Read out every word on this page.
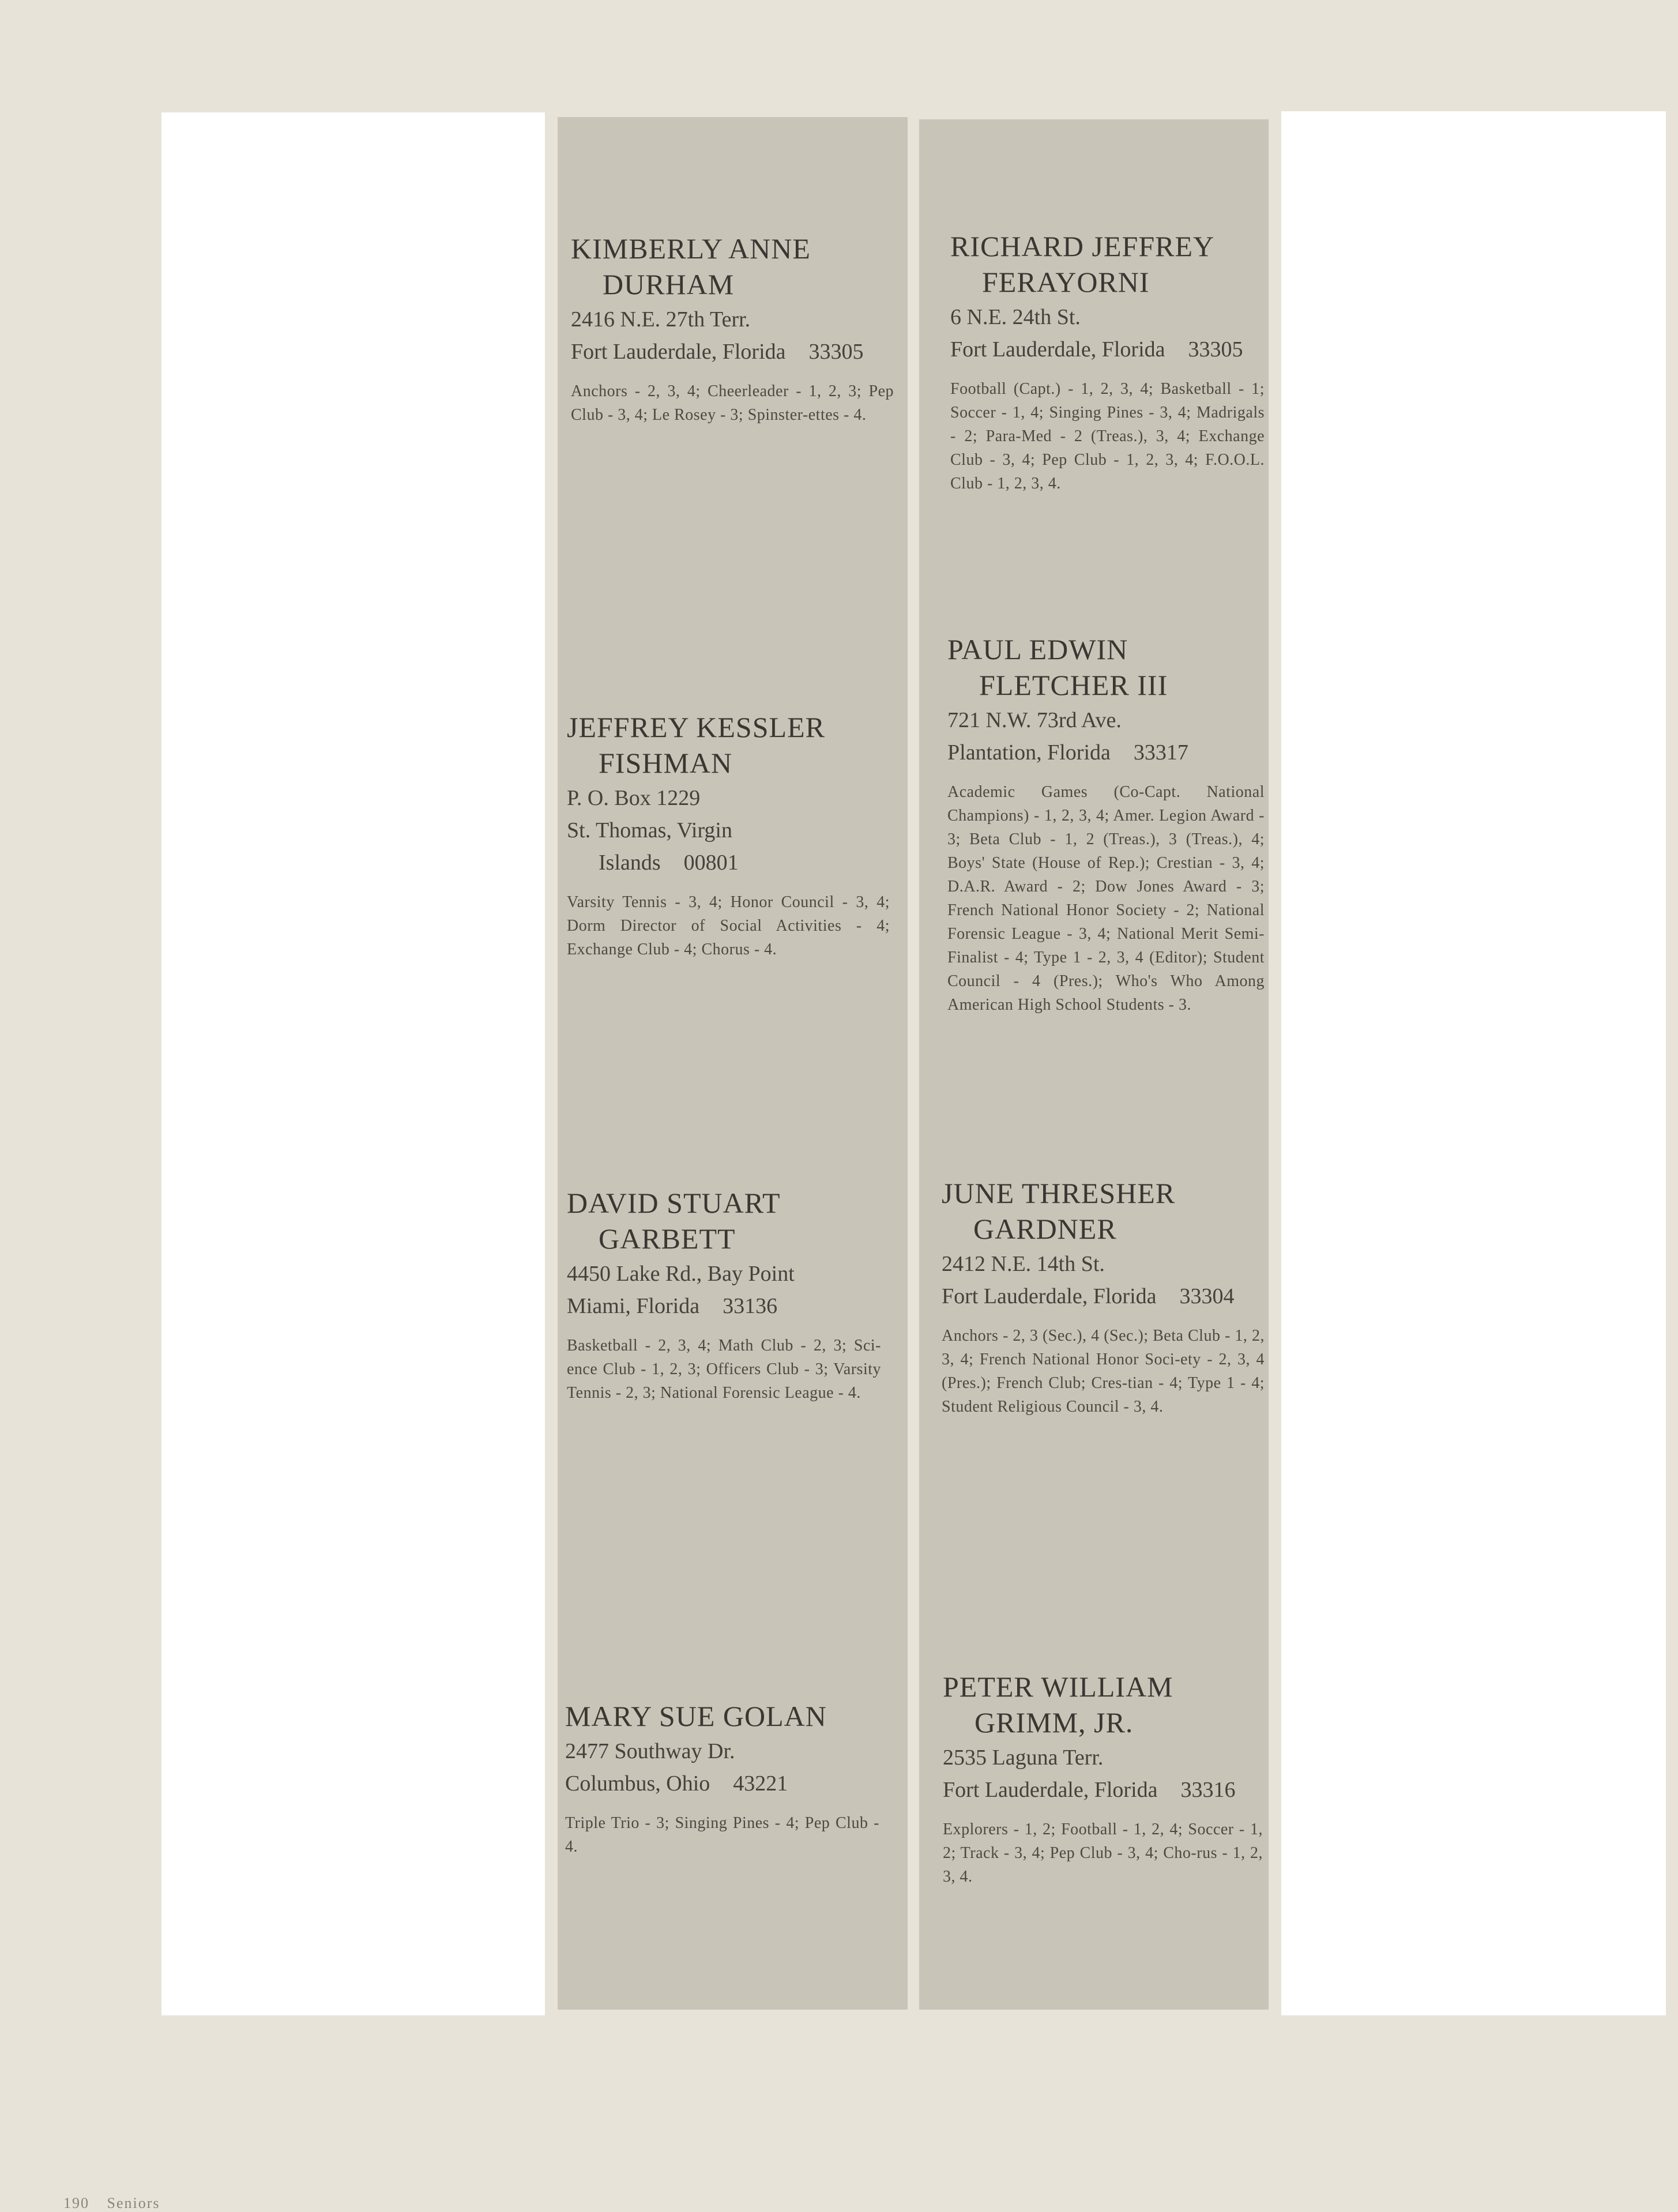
KIMBERLY ANNE
DURHAM
2416 N.E. 27th Terr.
Fort Lauderdale, Florida 33305
Anchors - 2, 3, 4; Cheerleader - 1, 2, 3; Pep Club - 3, 4; Le Rosey - 3; Spinster-ettes - 4.
RICHARD JEFFREY
FERAYORNI
6 N.E. 24th St.
Fort Lauderdale, Florida 33305
Football (Capt.) - 1, 2, 3, 4; Basketball - 1; Soccer - 1, 4; Singing Pines - 3, 4; Madrigals - 2; Para-Med - 2 (Treas.), 3, 4; Exchange Club - 3, 4; Pep Club - 1, 2, 3, 4; F.O.O.L. Club - 1, 2, 3, 4.
PAUL EDWIN
FLETCHER III
721 N.W. 73rd Ave.
Plantation, Florida 33317
Academic Games (Co-Capt. National Champions) - 1, 2, 3, 4; Amer. Legion Award - 3; Beta Club - 1, 2 (Treas.), 3 (Treas.), 4; Boys' State (House of Rep.); Crestian - 3, 4; D.A.R. Award - 2; Dow Jones Award - 3; French National Honor Society - 2; National Forensic League - 3, 4; National Merit Semi-Finalist - 4; Type 1 - 2, 3, 4 (Editor); Student Council - 4 (Pres.); Who's Who Among American High School Students - 3.
JEFFREY KESSLER
FISHMAN
P. O. Box 1229
St. Thomas, Virgin
Islands 00801
Varsity Tennis - 3, 4; Honor Council - 3, 4; Dorm Director of Social Activities - 4; Exchange Club - 4; Chorus - 4.
DAVID STUART
GARBETT
4450 Lake Rd., Bay Point
Miami, Florida 33136
Basketball - 2, 3, 4; Math Club - 2, 3; Sci-ence Club - 1, 2, 3; Officers Club - 3; Varsity Tennis - 2, 3; National Forensic League - 4.
JUNE THRESHER
GARDNER
2412 N.E. 14th St.
Fort Lauderdale, Florida 33304
Anchors - 2, 3 (Sec.), 4 (Sec.); Beta Club - 1, 2, 3, 4; French National Honor Soci-ety - 2, 3, 4 (Pres.); French Club; Cres-tian - 4; Type 1 - 4; Student Religious Council - 3, 4.
MARY SUE GOLAN
2477 Southway Dr.
Columbus, Ohio 43221
Triple Trio - 3; Singing Pines - 4; Pep Club - 4.
PETER WILLIAM
GRIMM, JR.
2535 Laguna Terr.
Fort Lauderdale, Florida 33316
Explorers - 1, 2; Football - 1, 2, 4; Soccer - 1, 2; Track - 3, 4; Pep Club - 3, 4; Cho-rus - 1, 2, 3, 4.
190 Seniors
